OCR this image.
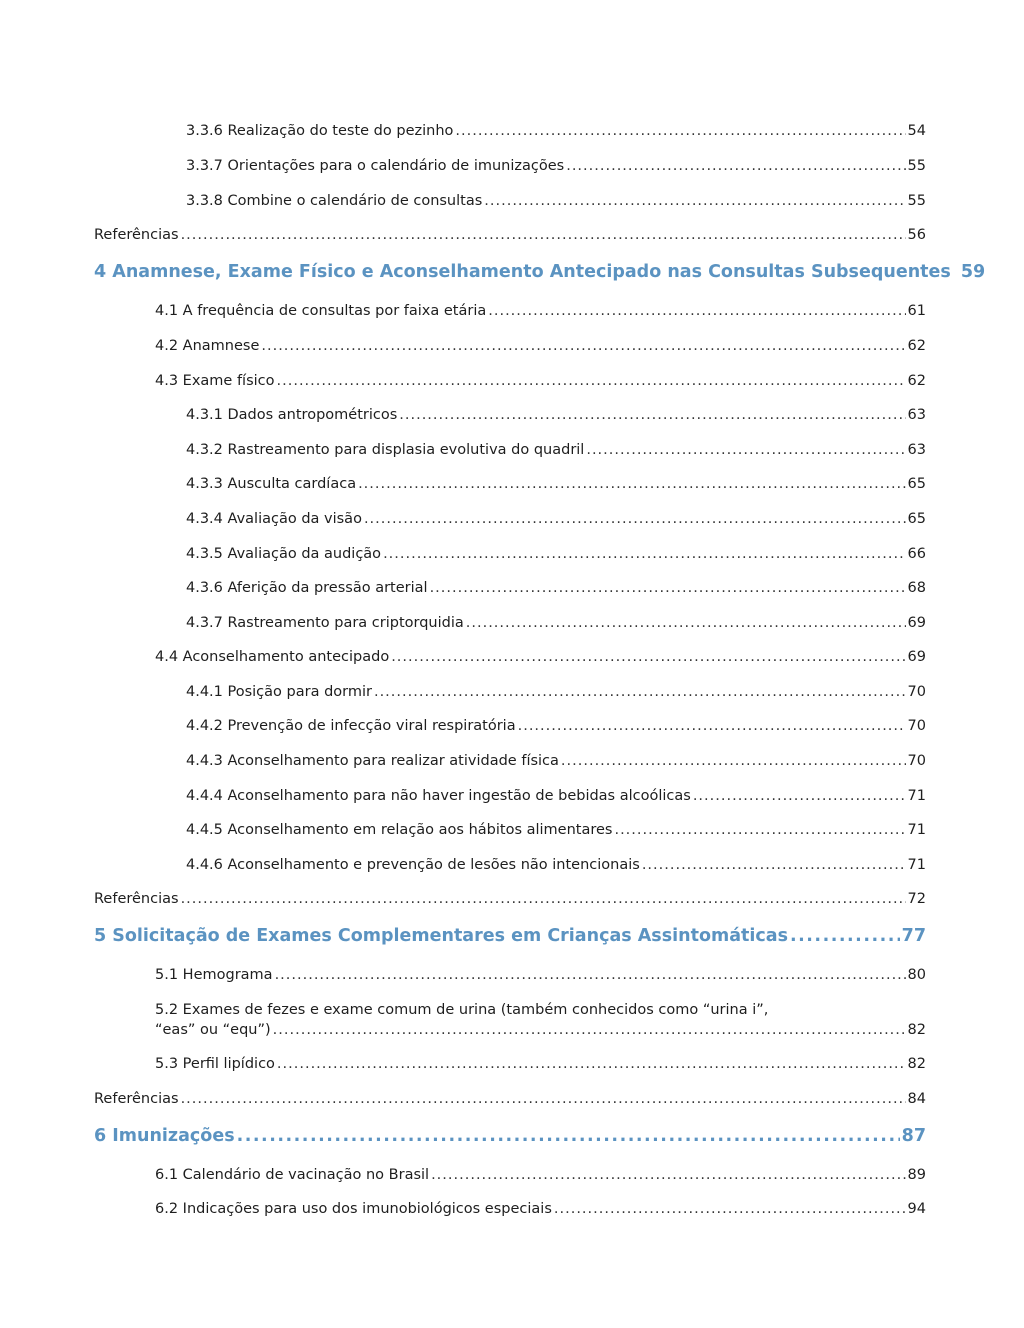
3.3.6 Realização do teste do pezinho .....	54
3.3.7 Orientações para o calendário de imunizações .....	55
3.3.8 Combine o calendário de consultas .....	55
Referências .....	56
4 Anamnese, Exame Físico e Aconselhamento Antecipado nas Consultas Subsequentes 59
4.1 A frequência de consultas por faixa etária .....	61
4.2 Anamnese .....	62
4.3 Exame físico .....	62
4.3.1 Dados antropométricos .....	63
4.3.2 Rastreamento para displasia evolutiva do quadril .....	63
4.3.3 Ausculta cardíaca .....	65
4.3.4 Avaliação da visão .....	65
4.3.5 Avaliação da audição .....	66
4.3.6 Aferição da pressão arterial .....	68
4.3.7 Rastreamento para criptorquidia .....	69
4.4 Aconselhamento antecipado .....	69
4.4.1 Posição para dormir .....	70
4.4.2 Prevenção de infecção viral respiratória .....	70
4.4.3 Aconselhamento para realizar atividade física .....	70
4.4.4 Aconselhamento para não haver ingestão de bebidas alcoólicas .....	71
4.4.5 Aconselhamento em relação aos hábitos alimentares .....	71
4.4.6 Aconselhamento e prevenção de lesões não intencionais .....	71
Referências .....	72
5 Solicitação de Exames Complementares em Crianças Assintomáticas .....	77
5.1 Hemograma .....	80
5.2 Exames de fezes e exame comum de urina (também conhecidos como “urina i”,
“eas” ou “equ”) .....	82
5.3 Perfil lipídico .....	82
Referências .....	84
6 Imunizações .....	87
6.1 Calendário de vacinação no Brasil .....	89
6.2 Indicações para uso dos imunobiológicos especiais .....	94
